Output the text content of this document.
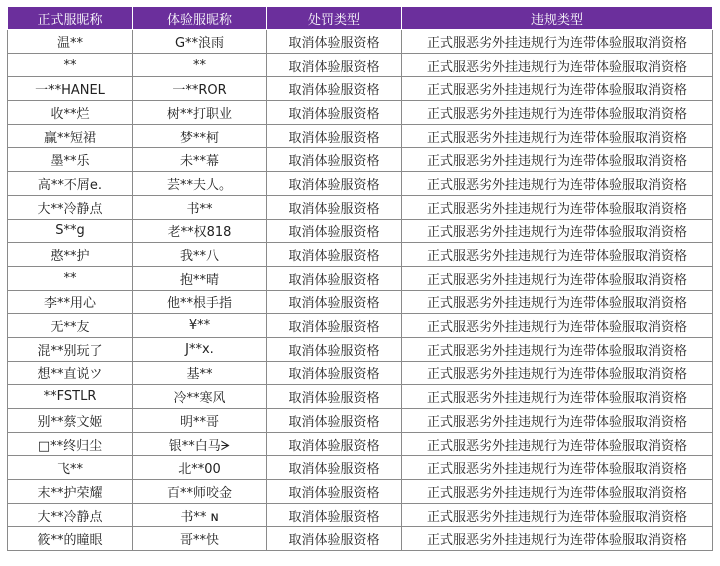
正式服昵称	体验服昵称	处罚类型	违规类型
温**	G**浪雨	取消体验服资格	正式服恶劣外挂违规行为连带体验服取消资格
**	**	取消体验服资格	正式服恶劣外挂违规行为连带体验服取消资格
一**HANEL	一**ROR	取消体验服资格	正式服恶劣外挂违规行为连带体验服取消资格
收**烂	树**打职业	取消体验服资格	正式服恶劣外挂违规行为连带体验服取消资格
赢**短裙	梦**柯	取消体验服资格	正式服恶劣外挂违规行为连带体验服取消资格
墨**乐	未**幕	取消体验服资格	正式服恶劣外挂违规行为连带体验服取消资格
高**不屑e.	芸**夫人。	取消体验服资格	正式服恶劣外挂违规行为连带体验服取消资格
大**冷静点	书**	取消体验服资格	正式服恶劣外挂违规行为连带体验服取消资格
S**g	老**权818	取消体验服资格	正式服恶劣外挂违规行为连带体验服取消资格
憨**护	我**八	取消体验服资格	正式服恶劣外挂违规行为连带体验服取消资格
**	抱**晴	取消体验服资格	正式服恶劣外挂违规行为连带体验服取消资格
李**用心	他**根手指	取消体验服资格	正式服恶劣外挂违规行为连带体验服取消资格
无**友	¥**	取消体验服资格	正式服恶劣外挂违规行为连带体验服取消资格
混**别玩了	J**x.	取消体验服资格	正式服恶劣外挂违规行为连带体验服取消资格
想**直说ツ	基**	取消体验服资格	正式服恶劣外挂违规行为连带体验服取消资格
**FSTLR	冷**寒风	取消体验服资格	正式服恶劣外挂违规行为连带体验服取消资格
别**蔡文姬	明**哥	取消体验服资格	正式服恶劣外挂违规行为连带体验服取消资格
□**终归尘	银**白马ᗒ	取消体验服资格	正式服恶劣外挂违规行为连带体验服取消资格
飞**	北**00	取消体验服资格	正式服恶劣外挂违规行为连带体验服取消资格
末**护荣耀	百**师咬金	取消体验服资格	正式服恶劣外挂违规行为连带体验服取消资格
大**冷静点	书** ɴ	取消体验服资格	正式服恶劣外挂违规行为连带体验服取消资格
筱**的瞳眼	哥**快	取消体验服资格	正式服恶劣外挂违规行为连带体验服取消资格
